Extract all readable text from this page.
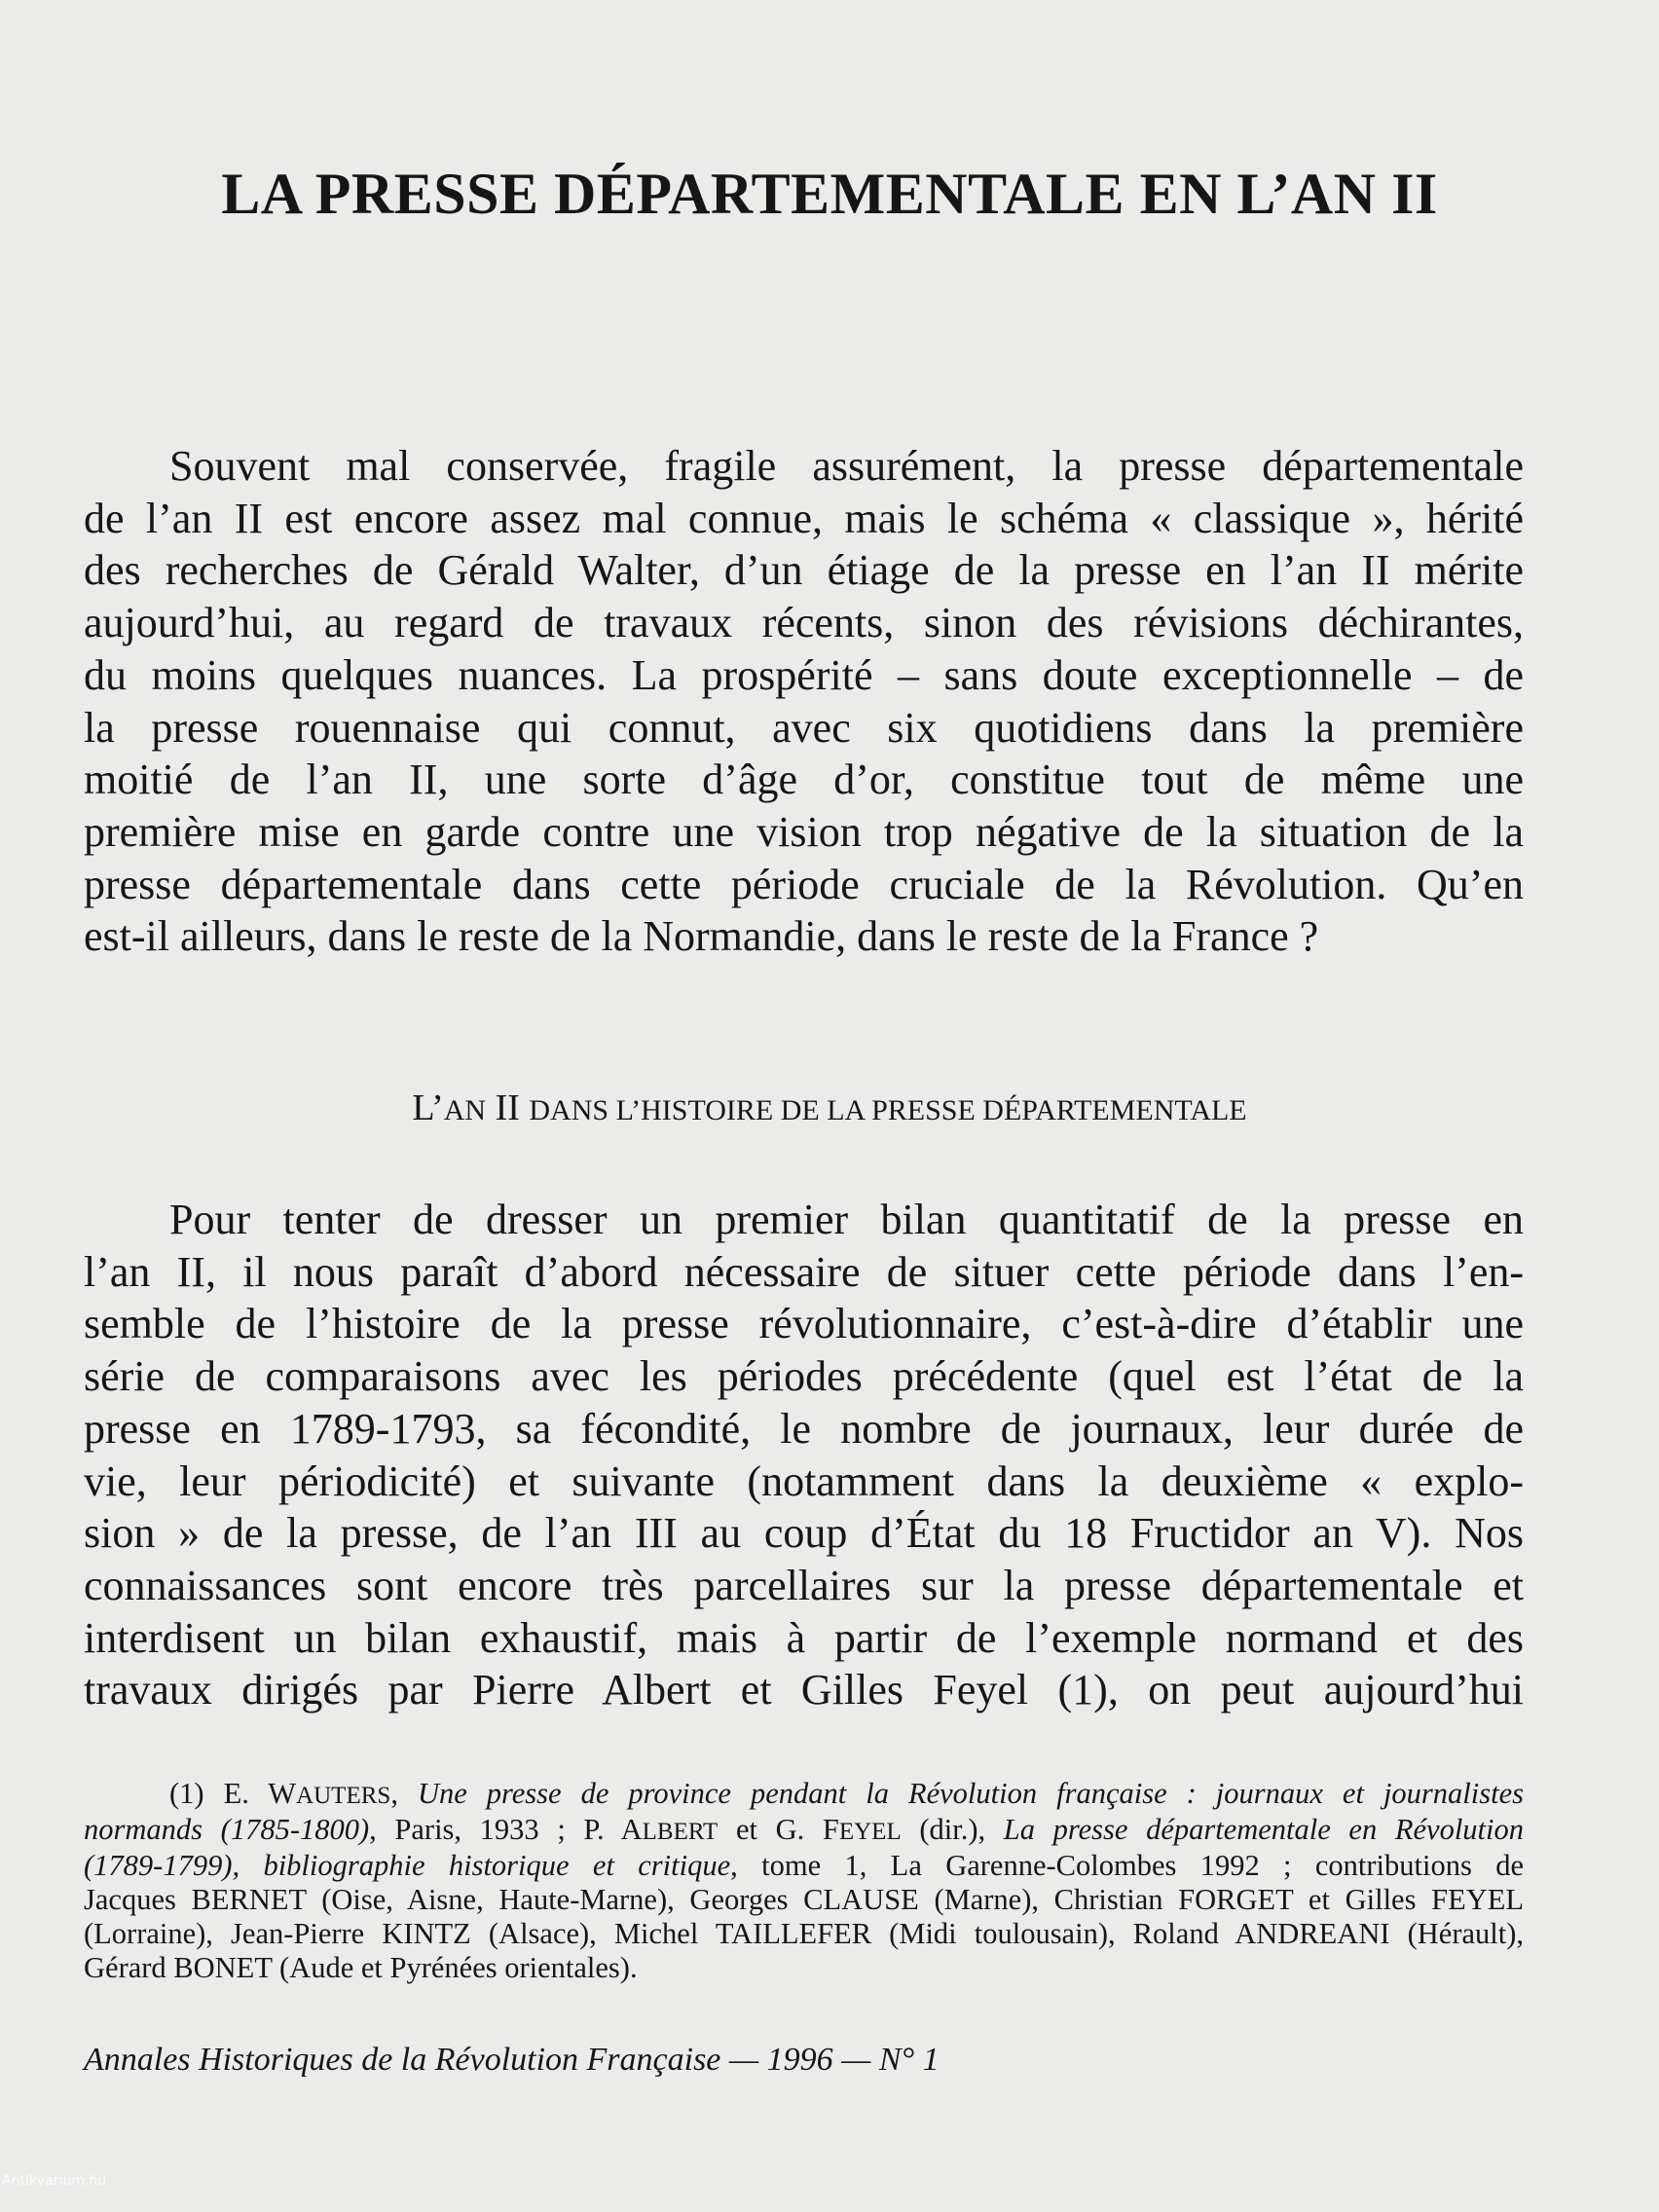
LA PRESSE DÉPARTEMENTALE EN L’AN II
Souvent mal conservée, fragile assurément, la presse départementale
de l’an II est encore assez mal connue, mais le schéma « classique », hérité
des recherches de Gérald Walter, d’un étiage de la presse en l’an II mérite
aujourd’hui, au regard de travaux récents, sinon des révisions déchirantes,
du moins quelques nuances. La prospérité – sans doute exceptionnelle – de
la presse rouennaise qui connut, avec six quotidiens dans la première
moitié de l’an II, une sorte d’âge d’or, constitue tout de même une
première mise en garde contre une vision trop négative de la situation de la
presse départementale dans cette période cruciale de la Révolution. Qu’en
est-il ailleurs, dans le reste de la Normandie, dans le reste de la France ?
L’AN II DANS L’HISTOIRE DE LA PRESSE DÉPARTEMENTALE
Pour tenter de dresser un premier bilan quantitatif de la presse en
l’an II, il nous paraît d’abord nécessaire de situer cette période dans l’en-
semble de l’histoire de la presse révolutionnaire, c’est-à-dire d’établir une
série de comparaisons avec les périodes précédente (quel est l’état de la
presse en 1789-1793, sa fécondité, le nombre de journaux, leur durée de
vie, leur périodicité) et suivante (notamment dans la deuxième « explo-
sion » de la presse, de l’an III au coup d’État du 18 Fructidor an V). Nos
connaissances sont encore très parcellaires sur la presse départementale et
interdisent un bilan exhaustif, mais à partir de l’exemple normand et des
travaux dirigés par Pierre Albert et Gilles Feyel (1), on peut aujourd’hui
(1) E. WAUTERS, Une presse de province pendant la Révolution française : journaux et journalistes
normands (1785-1800), Paris, 1933 ; P. ALBERT et G. FEYEL (dir.), La presse départementale en Révolution
(1789-1799), bibliographie historique et critique, tome 1, La Garenne-Colombes 1992 ; contributions de
Jacques BERNET (Oise, Aisne, Haute-Marne), Georges CLAUSE (Marne), Christian FORGET et Gilles FEYEL
(Lorraine), Jean-Pierre KINTZ (Alsace), Michel TAILLEFER (Midi toulousain), Roland ANDREANI (Hérault),
Gérard BONET (Aude et Pyrénées orientales).

Annales Historiques de la Révolution Française — 1996 — N° 1

Antikvarium.hu
